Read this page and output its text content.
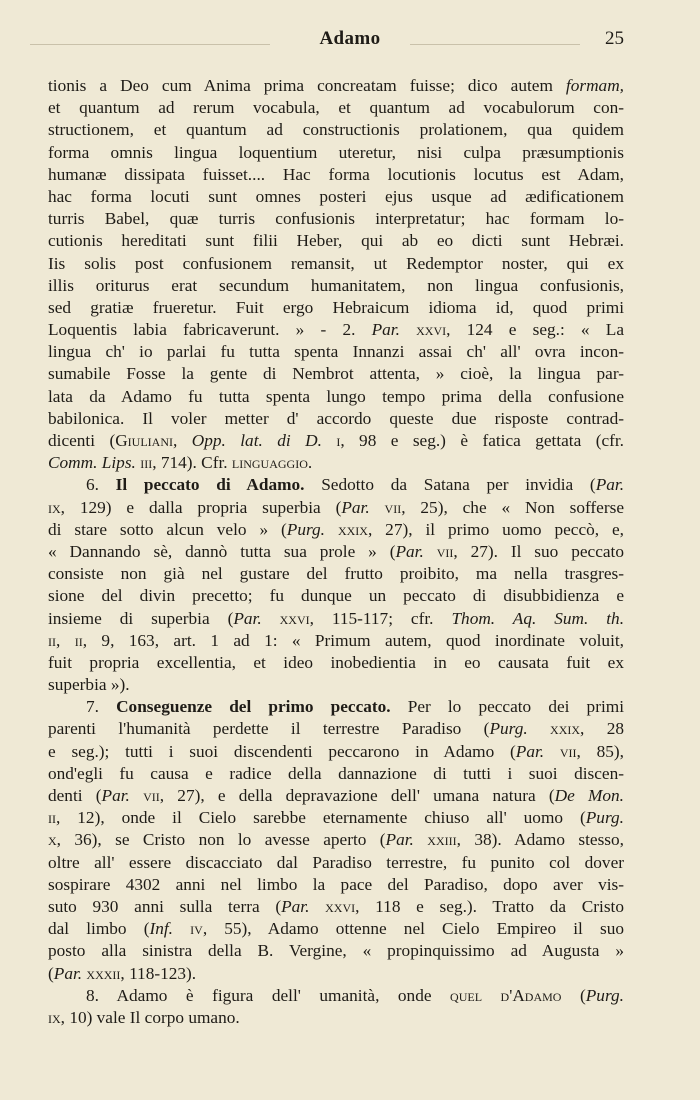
Adamo	25
tionis a Deo cum Anima prima concreatam fuisse; dico autem formam,
et quantum ad rerum vocabula, et quantum ad vocabulorum con-
structionem, et quantum ad constructionis prolationem, qua quidem
forma omnis lingua loquentium uteretur, nisi culpa præsumptionis
humanæ dissipata fuisset.... Hac forma locutionis locutus est Adam,
hac forma locuti sunt omnes posteri ejus usque ad ædificationem
turris Babel, quæ turris confusionis interpretatur; hac formam lo-
cutionis hereditati sunt filii Heber, qui ab eo dicti sunt Hebræi.
Iis solis post confusionem remansit, ut Redemptor noster, qui ex
illis oriturus erat secundum humanitatem, non lingua confusionis,
sed gratiæ frueretur. Fuit ergo Hebraicum idioma id, quod primi
Loquentis labia fabricaverunt. » - 2. Par. xxvi, 124 e seg.: « La
lingua ch' io parlai fu tutta spenta Innanzi assai ch' all' ovra incon-
sumabile Fosse la gente di Nembrot attenta, » cioè, la lingua par-
lata da Adamo fu tutta spenta lungo tempo prima della confusione
babilonica. Il voler metter d' accordo queste due risposte contrad-
dicenti (Giuliani, Opp. lat. di D. i, 98 e seg.) è fatica gettata (cfr.
Comm. Lips. iii, 714). Cfr. linguaggio.
6. Il peccato di Adamo. Sedotto da Satana per invidia (Par.
ix, 129) e dalla propria superbia (Par. vii, 25), che « Non sofferse
di stare sotto alcun velo » (Purg. xxix, 27), il primo uomo peccò, e,
« Dannando sè, dannò tutta sua prole » (Par. vii, 27). Il suo peccato
consiste non già nel gustare del frutto proibito, ma nella trasgres-
sione del divin precetto; fu dunque un peccato di disubbidienza e
insieme di superbia (Par. xxvi, 115-117; cfr. Thom. Aq. Sum. th.
ii, ii, 9, 163, art. 1 ad 1: « Primum autem, quod inordinate voluit,
fuit propria excellentia, et ideo inobedientia in eo causata fuit ex
superbia »).
7. Conseguenze del primo peccato. Per lo peccato dei primi
parenti l'humanità perdette il terrestre Paradiso (Purg. xxix, 28
e seg.); tutti i suoi discendenti peccarono in Adamo (Par. vii, 85),
ond'egli fu causa e radice della dannazione di tutti i suoi discen-
denti (Par. vii, 27), e della depravazione dell' umana natura (De Mon.
ii, 12), onde il Cielo sarebbe eternamente chiuso all' uomo (Purg.
x, 36), se Cristo non lo avesse aperto (Par. xxiii, 38). Adamo stesso,
oltre all' essere discacciato dal Paradiso terrestre, fu punito col dover
sospirare 4302 anni nel limbo la pace del Paradiso, dopo aver vis-
suto 930 anni sulla terra (Par. xxvi, 118 e seg.). Tratto da Cristo
dal limbo (Inf. iv, 55), Adamo ottenne nel Cielo Empireo il suo
posto alla sinistra della B. Vergine, « propinquissimo ad Augusta »
(Par. xxxii, 118-123).
8. Adamo è figura dell' umanità, onde quel d'Adamo (Purg.
ix, 10) vale Il corpo umano.
